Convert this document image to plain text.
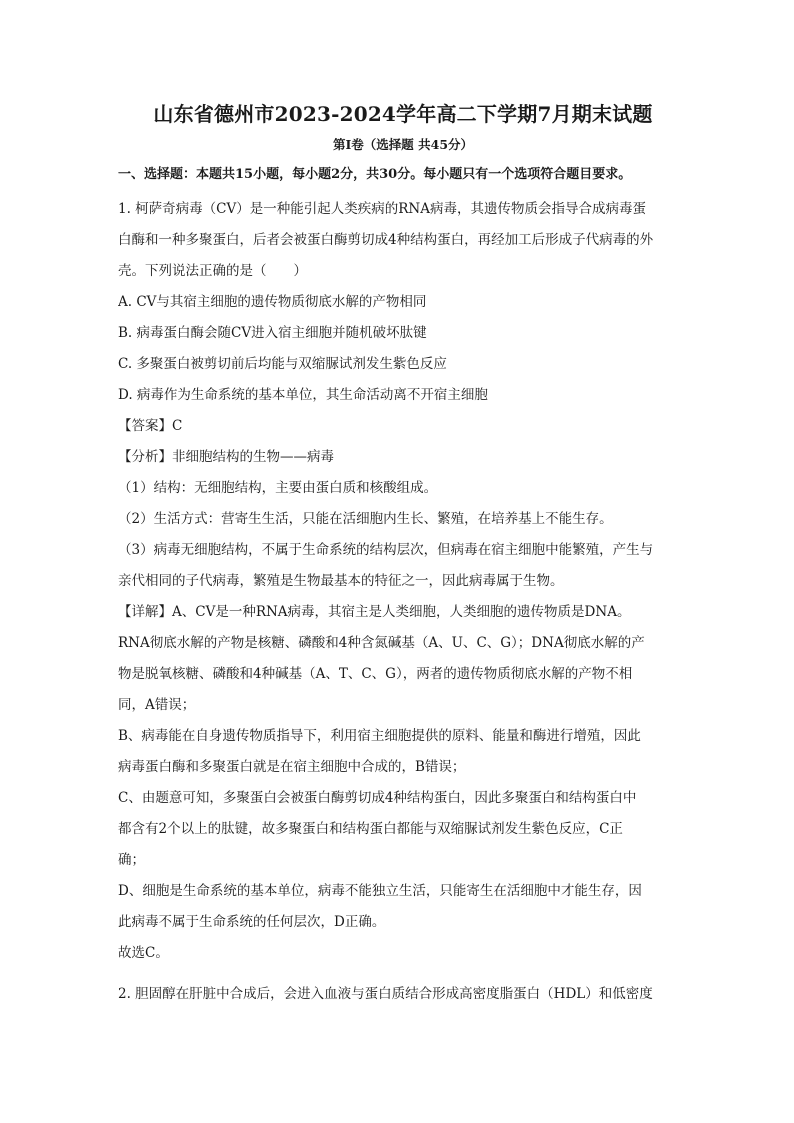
山东省德州市2023-2024学年高二下学期7月期末试题
第Ⅰ卷（选择题 共45分）
一、选择题：本题共15小题，每小题2分，共30分。每小题只有一个选项符合题目要求。
1. 柯萨奇病毒（CV）是一种能引起人类疾病的RNA病毒，其遗传物质会指导合成病毒蛋
白酶和一种多聚蛋白，后者会被蛋白酶剪切成4种结构蛋白，再经加工后形成子代病毒的外
壳。下列说法正确的是（　　）
A. CV与其宿主细胞的遗传物质彻底水解的产物相同
B. 病毒蛋白酶会随CV进入宿主细胞并随机破坏肽键
C. 多聚蛋白被剪切前后均能与双缩脲试剂发生紫色反应
D. 病毒作为生命系统的基本单位，其生命活动离不开宿主细胞
【答案】C
【分析】非细胞结构的生物——病毒
（1）结构：无细胞结构，主要由蛋白质和核酸组成。
（2）生活方式：营寄生生活，只能在活细胞内生长、繁殖，在培养基上不能生存。
（3）病毒无细胞结构，不属于生命系统的结构层次，但病毒在宿主细胞中能繁殖，产生与
亲代相同的子代病毒，繁殖是生物最基本的特征之一，因此病毒属于生物。
【详解】A、CV是一种RNA病毒，其宿主是人类细胞，人类细胞的遗传物质是DNA。
RNA彻底水解的产物是核糖、磷酸和4种含氮碱基（A、U、C、G）；DNA彻底水解的产
物是脱氧核糖、磷酸和4种碱基（A、T、C、G），两者的遗传物质彻底水解的产物不相
同，A错误；
B、病毒能在自身遗传物质指导下，利用宿主细胞提供的原料、能量和酶进行增殖，因此
病毒蛋白酶和多聚蛋白就是在宿主细胞中合成的，B错误；
C、由题意可知，多聚蛋白会被蛋白酶剪切成4种结构蛋白，因此多聚蛋白和结构蛋白中
都含有2个以上的肽键，故多聚蛋白和结构蛋白都能与双缩脲试剂发生紫色反应，C正
确；
D、细胞是生命系统的基本单位，病毒不能独立生活，只能寄生在活细胞中才能生存，因
此病毒不属于生命系统的任何层次，D正确。
故选C。
2. 胆固醇在肝脏中合成后，会进入血液与蛋白质结合形成高密度脂蛋白（HDL）和低密度
